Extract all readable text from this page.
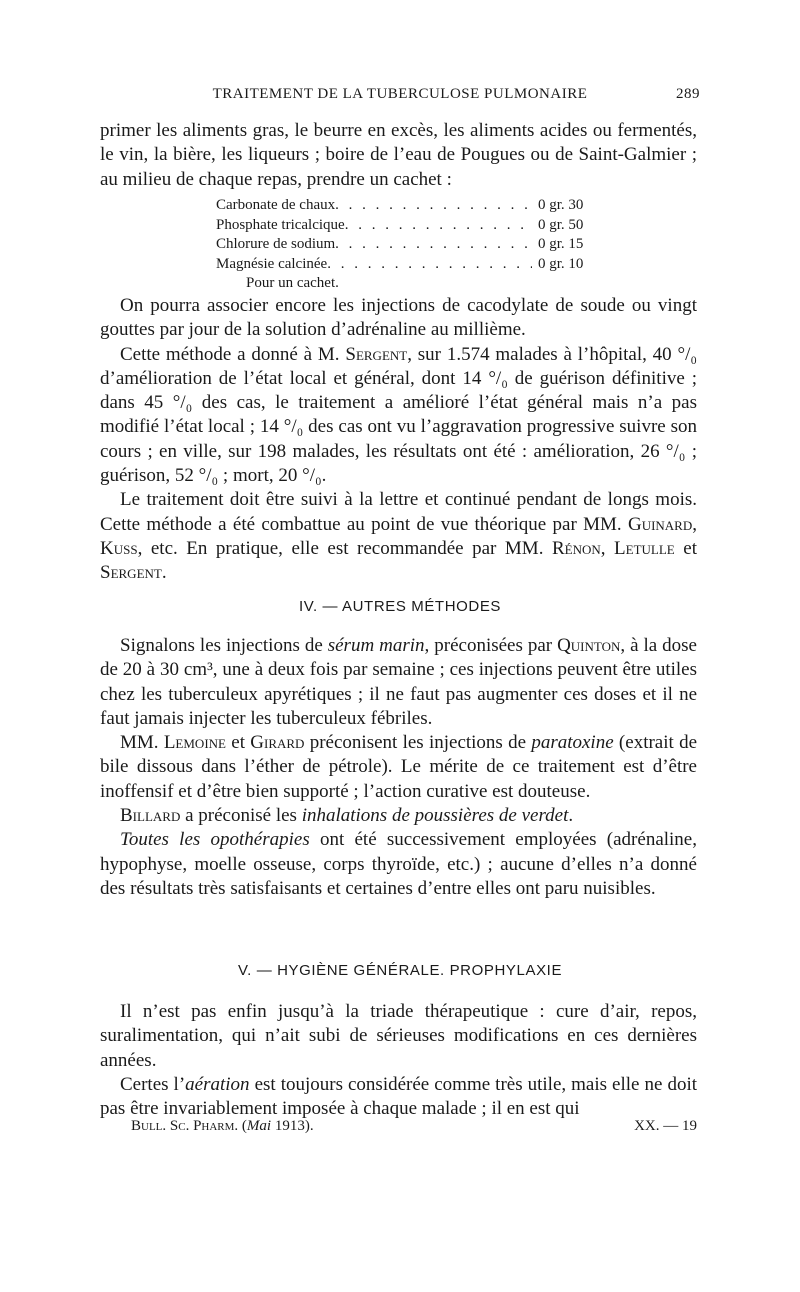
TRAITEMENT DE LA TUBERCULOSE PULMONAIRE	289

primer les aliments gras, le beurre en excès, les aliments acides ou fermentés, le vin, la bière, les liqueurs ; boire de l’eau de Pougues ou de Saint-Galmier ; au milieu de chaque repas, prendre un cachet :

Carbonate de chaux . . .	0 gr. 30
Phosphate tricalcique . . .	0 gr. 50
Chlorure de sodium . . .	0 gr. 15
Magnésie calcinée . . .	0 gr. 10
Pour un cachet.

On pourra associer encore les injections de cacodylate de soude ou vingt gouttes par jour de la solution d’adrénaline au millième.

Cette méthode a donné à M. Sergent, sur 1.574 malades à l’hôpital, 40 °/₀ d’amélioration de l’état local et général, dont 14 °/₀ de guérison définitive ; dans 45 °/₀ des cas, le traitement a amélioré l’état général mais n’a pas modifié l’état local ; 14 °/₀ des cas ont vu l’aggravation progressive suivre son cours ; en ville, sur 198 malades, les résultats ont été : amélioration, 26 °/₀ ; guérison, 52 °/₀ ; mort, 20 °/₀.

Le traitement doit être suivi à la lettre et continué pendant de longs mois. Cette méthode a été combattue au point de vue théorique par MM. Guinard, Kuss, etc. En pratique, elle est recommandée par MM. Rénon, Letulle et Sergent.

IV. — AUTRES MÉTHODES

Signalons les injections de sérum marin, préconisées par Quinton, à la dose de 20 à 30 cm³, une à deux fois par semaine ; ces injections peuvent être utiles chez les tuberculeux apyrétiques ; il ne faut pas augmenter ces doses et il ne faut jamais injecter les tuberculeux fébriles.

MM. Lemoine et Girard préconisent les injections de paratoxine (extrait de bile dissous dans l’éther de pétrole). Le mérite de ce traitement est d’être inoffensif et d’être bien supporté ; l’action curative est douteuse.

Billard a préconisé les inhalations de poussières de verdet.

Toutes les opothérapies ont été successivement employées (adrénaline, hypophyse, moelle osseuse, corps thyroïde, etc.) ; aucune d’elles n’a donné des résultats très satisfaisants et certaines d’entre elles ont paru nuisibles.

V. — HYGIÈNE GÉNÉRALE. PROPHYLAXIE

Il n’est pas enfin jusqu’à la triade thérapeutique : cure d’air, repos, suralimentation, qui n’ait subi de sérieuses modifications en ces dernières années.

Certes l’aération est toujours considérée comme très utile, mais elle ne doit pas être invariablement imposée à chaque malade ; il en est qui

Bull. Sc. Pharm. (Mai 1913).	XX. — 19
